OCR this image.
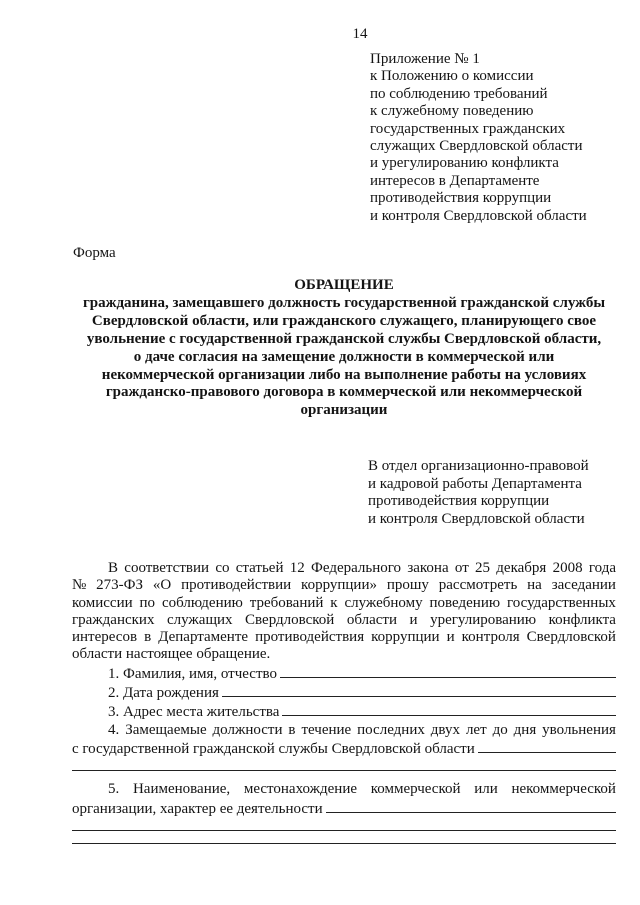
14
Приложение № 1
к Положению о комиссии
по соблюдению требований
к служебному поведению
государственных гражданских
служащих Свердловской области
и урегулированию конфликта
интересов в Департаменте
противодействия коррупции
и контроля Свердловской области
Форма
ОБРАЩЕНИЕ
гражданина, замещавшего должность государственной гражданской службы
Свердловской области, или гражданского служащего, планирующего свое
увольнение с государственной гражданской службы Свердловской области,
о даче согласия на замещение должности в коммерческой или
некоммерческой организации либо на выполнение работы на условиях
гражданско-правового договора в коммерческой или некоммерческой
организации
В отдел организационно-правовой
и кадровой работы Департамента
противодействия коррупции
и контроля Свердловской области
В соответствии со статьей 12 Федерального закона от 25 декабря 2008 года
№ 273-ФЗ «О противодействии коррупции» прошу рассмотреть на заседании
комиссии по соблюдению требований к служебному поведению государственных
гражданских служащих Свердловской области и урегулированию конфликта
интересов в Департаменте противодействия коррупции и контроля Свердловской
области настоящее обращение.
1. Фамилия, имя, отчество
2. Дата рождения
3. Адрес места жительства
4. Замещаемые должности в течение последних двух лет до дня увольнения
с государственной гражданской службы Свердловской области
5. Наименование, местонахождение коммерческой или некоммерческой
организации, характер ее деятельности
